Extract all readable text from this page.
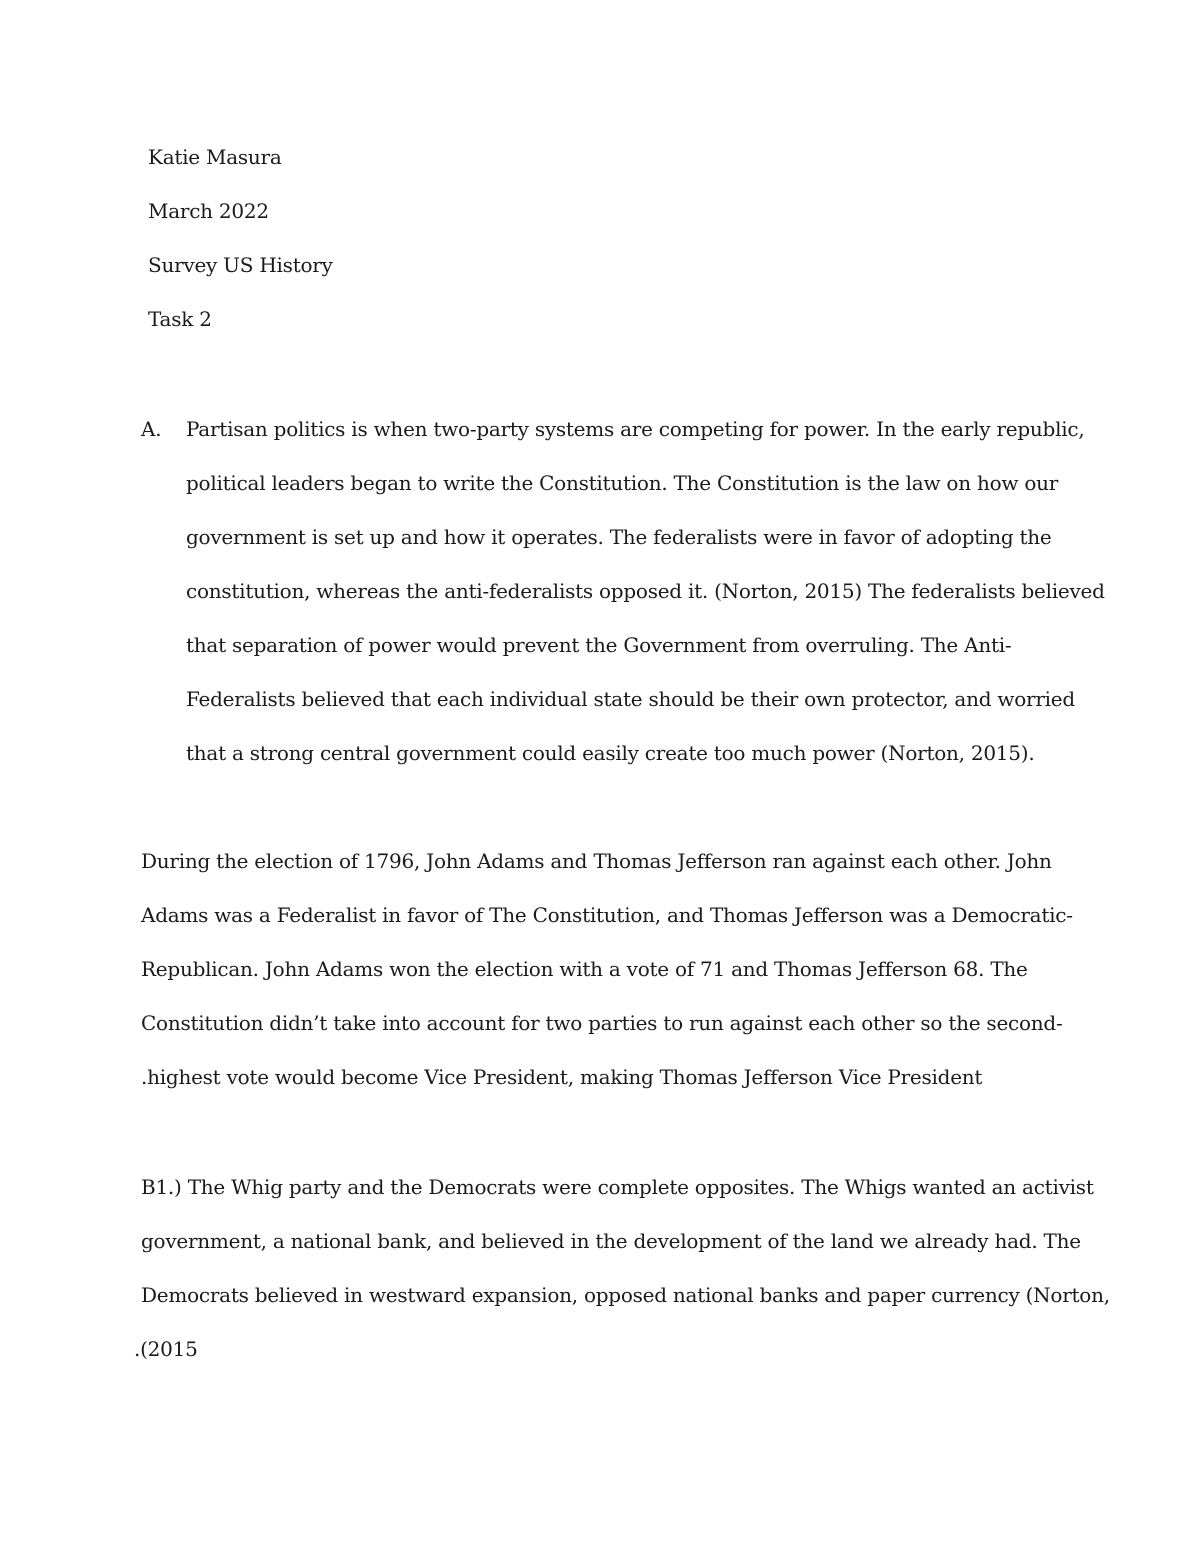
Katie Masura
March 2022
Survey US History
Task 2
A. Partisan politics is when two-party systems are competing for power. In the early republic,
political leaders began to write the Constitution. The Constitution is the law on how our
government is set up and how it operates. The federalists were in favor of adopting the
constitution, whereas the anti-federalists opposed it. (Norton, 2015) The federalists believed
that separation of power would prevent the Government from overruling. The Anti-
Federalists believed that each individual state should be their own protector, and worried
that a strong central government could easily create too much power (Norton, 2015).
During the election of 1796, John Adams and Thomas Jefferson ran against each other. John
Adams was a Federalist in favor of The Constitution, and Thomas Jefferson was a Democratic-
Republican. John Adams won the election with a vote of 71 and Thomas Jefferson 68. The
Constitution didn’t take into account for two parties to run against each other so the second-
.highest vote would become Vice President, making Thomas Jefferson Vice President
B1.) The Whig party and the Democrats were complete opposites. The Whigs wanted an activist
government, a national bank, and believed in the development of the land we already had. The
Democrats believed in westward expansion, opposed national banks and paper currency (Norton,
.(2015
